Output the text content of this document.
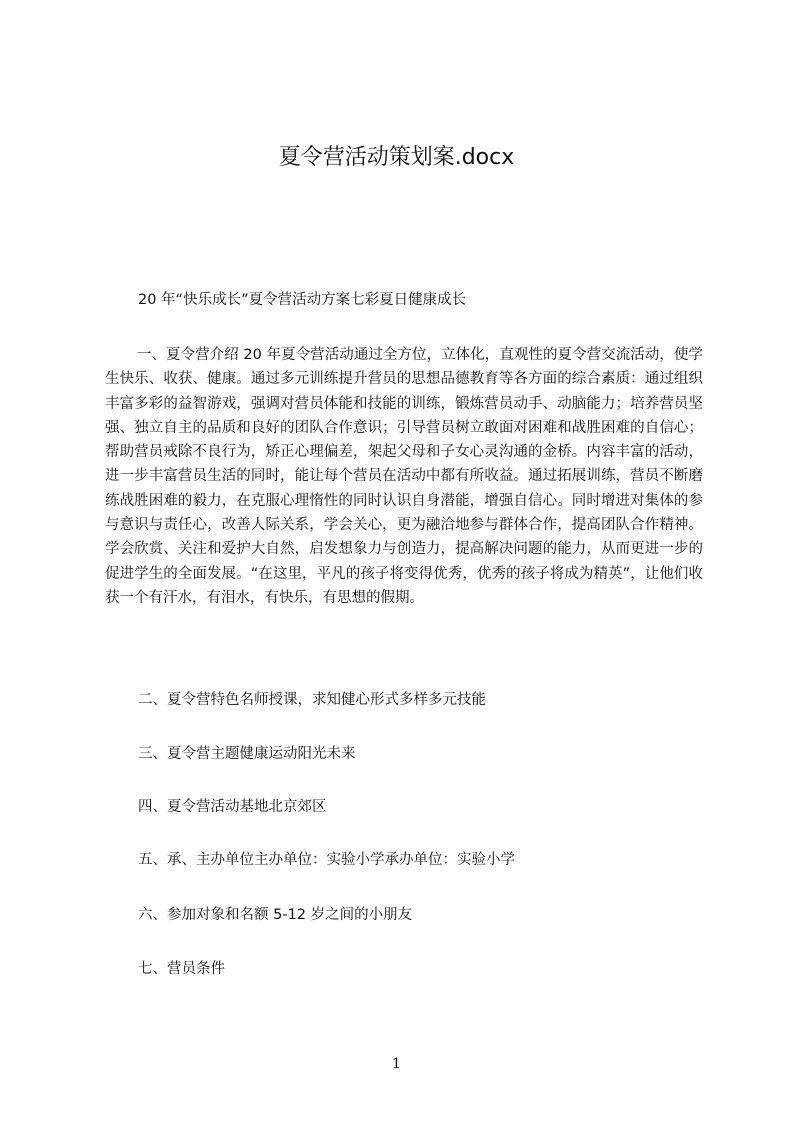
夏令营活动策划案.docx
20 年“快乐成长”夏令营活动方案七彩夏日健康成长

一、夏令营介绍 20 年夏令营活动通过全方位，立体化，直观性的夏令营交流活动，使学生快乐、收获、健康。通过多元训练提升营员的思想品德教育等各方面的综合素质：通过组织丰富多彩的益智游戏，强调对营员体能和技能的训练，锻炼营员动手、动脑能力；培养营员坚强、独立自主的品质和良好的团队合作意识；引导营员树立敢面对困难和战胜困难的自信心；帮助营员戒除不良行为，矫正心理偏差，架起父母和子女心灵沟通的金桥。内容丰富的活动，进一步丰富营员生活的同时，能让每个营员在活动中都有所收益。通过拓展训练，营员不断磨练战胜困难的毅力，在克服心理惰性的同时认识自身潜能，增强自信心。同时增进对集体的参与意识与责任心，改善人际关系，学会关心，更为融洽地参与群体合作，提高团队合作精神。学会欣赏、关注和爱护大自然，启发想象力与创造力，提高解决问题的能力，从而更进一步的促进学生的全面发展。“在这里，平凡的孩子将变得优秀，优秀的孩子将成为精英”，让他们收获一个有汗水，有泪水，有快乐，有思想的假期。

二、夏令营特色名师授课，求知健心形式多样多元技能
三、夏令营主题健康运动阳光未来
四、夏令营活动基地北京郊区
五、承、主办单位主办单位：实验小学承办单位：实验小学
六、参加对象和名额 5-12 岁之间的小朋友
七、营员条件
1
